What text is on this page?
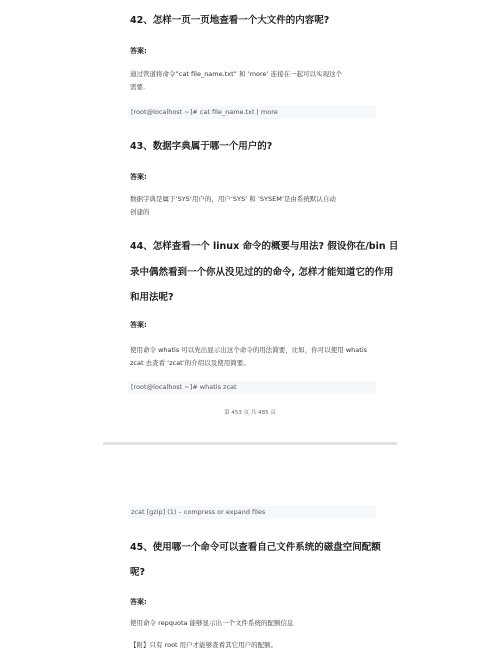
42、怎样一页一页地查看一个大文件的内容呢?
答案:
通过管道将命令”cat file_name.txt” 和 ’more’ 连接在一起可以实现这个
需要.
[root@localhost ~]# cat file_name.txt | more
43、数据字典属于哪一个用户的?
答案:
数据字典是属于’SYS’用户的，用户‘SYS’ 和 ’SYSEM’是由系统默认自动
创建的
44、怎样查看一个 linux 命令的概要与用法? 假设你在/bin 目
录中偶然看到一个你从没见过的的命令, 怎样才能知道它的作用
和用法呢?
答案:
使用命令 whatis 可以先出显示出这个命令的用法简要，比如，你可以使用 whatis
zcat 去查看 ‘zcat’的介绍以及使用简要。
[root@localhost ~]# whatis zcat
第 453 页 共 485 页
zcat [gzip] (1) – compress or expand files
45、使用哪一个命令可以查看自己文件系统的磁盘空间配额
呢?
答案:
使用命令 repquota 能够显示出一个文件系统的配额信息
【附】只有 root 用户才能够查看其它用户的配额。
